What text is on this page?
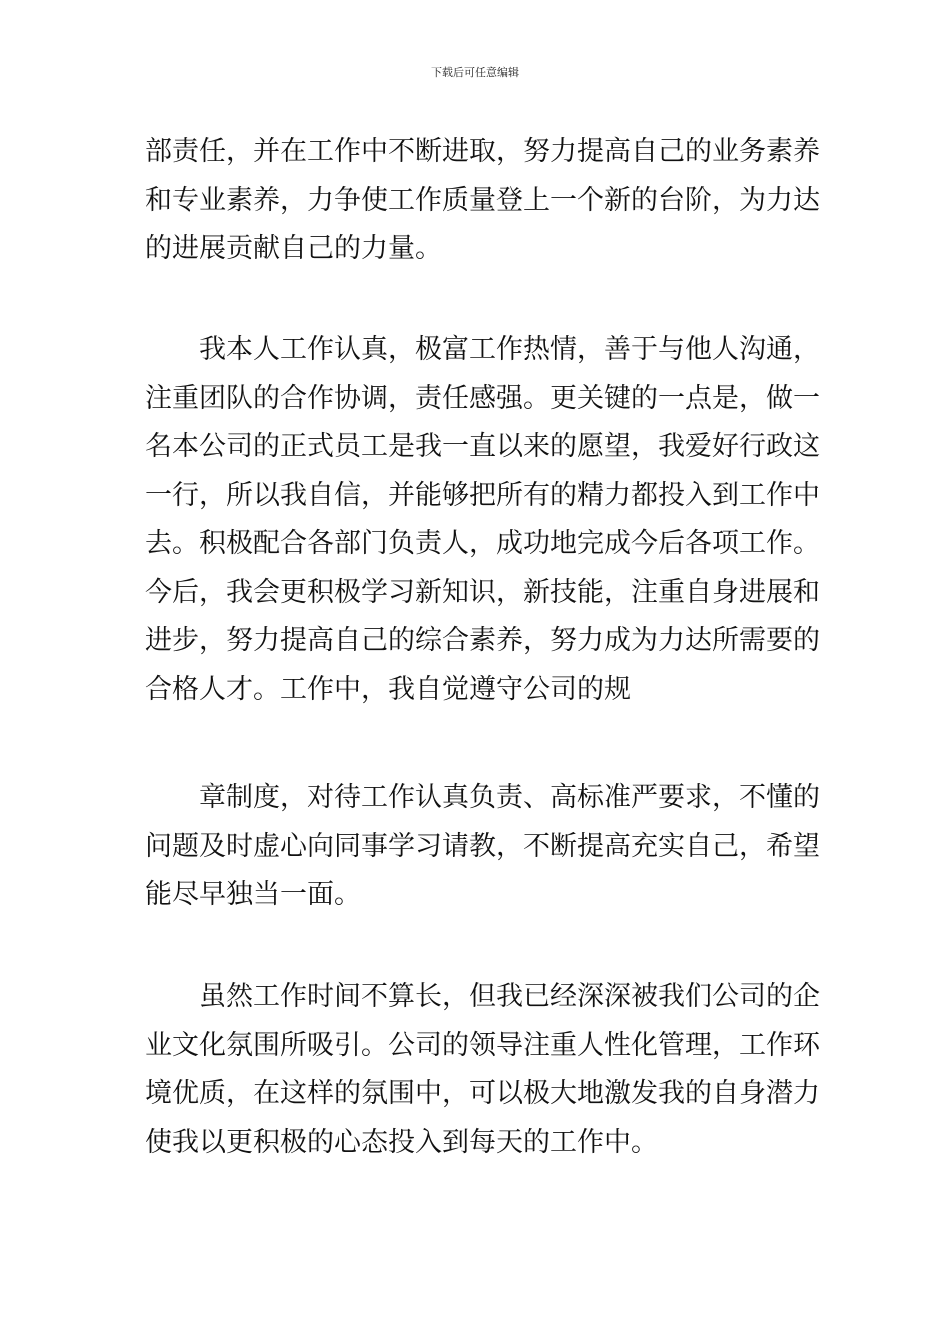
下载后可任意编辑
部责任，并在工作中不断进取，努力提高自己的业务素养
和专业素养，力争使工作质量登上一个新的台阶，为力达
的进展贡献自己的力量。
我本人工作认真，极富工作热情，善于与他人沟通，
注重团队的合作协调，责任感强。更关键的一点是，做一
名本公司的正式员工是我一直以来的愿望，我爱好行政这
一行，所以我自信，并能够把所有的精力都投入到工作中
去。积极配合各部门负责人，成功地完成今后各项工作。
今后，我会更积极学习新知识，新技能，注重自身进展和
进步，努力提高自己的综合素养，努力成为力达所需要的
合格人才。工作中，我自觉遵守公司的规
章制度，对待工作认真负责、高标准严要求，不懂的
问题及时虚心向同事学习请教，不断提高充实自己，希望
能尽早独当一面。
虽然工作时间不算长，但我已经深深被我们公司的企
业文化氛围所吸引。公司的领导注重人性化管理，工作环
境优质，在这样的氛围中，可以极大地激发我的自身潜力
使我以更积极的心态投入到每天的工作中。
